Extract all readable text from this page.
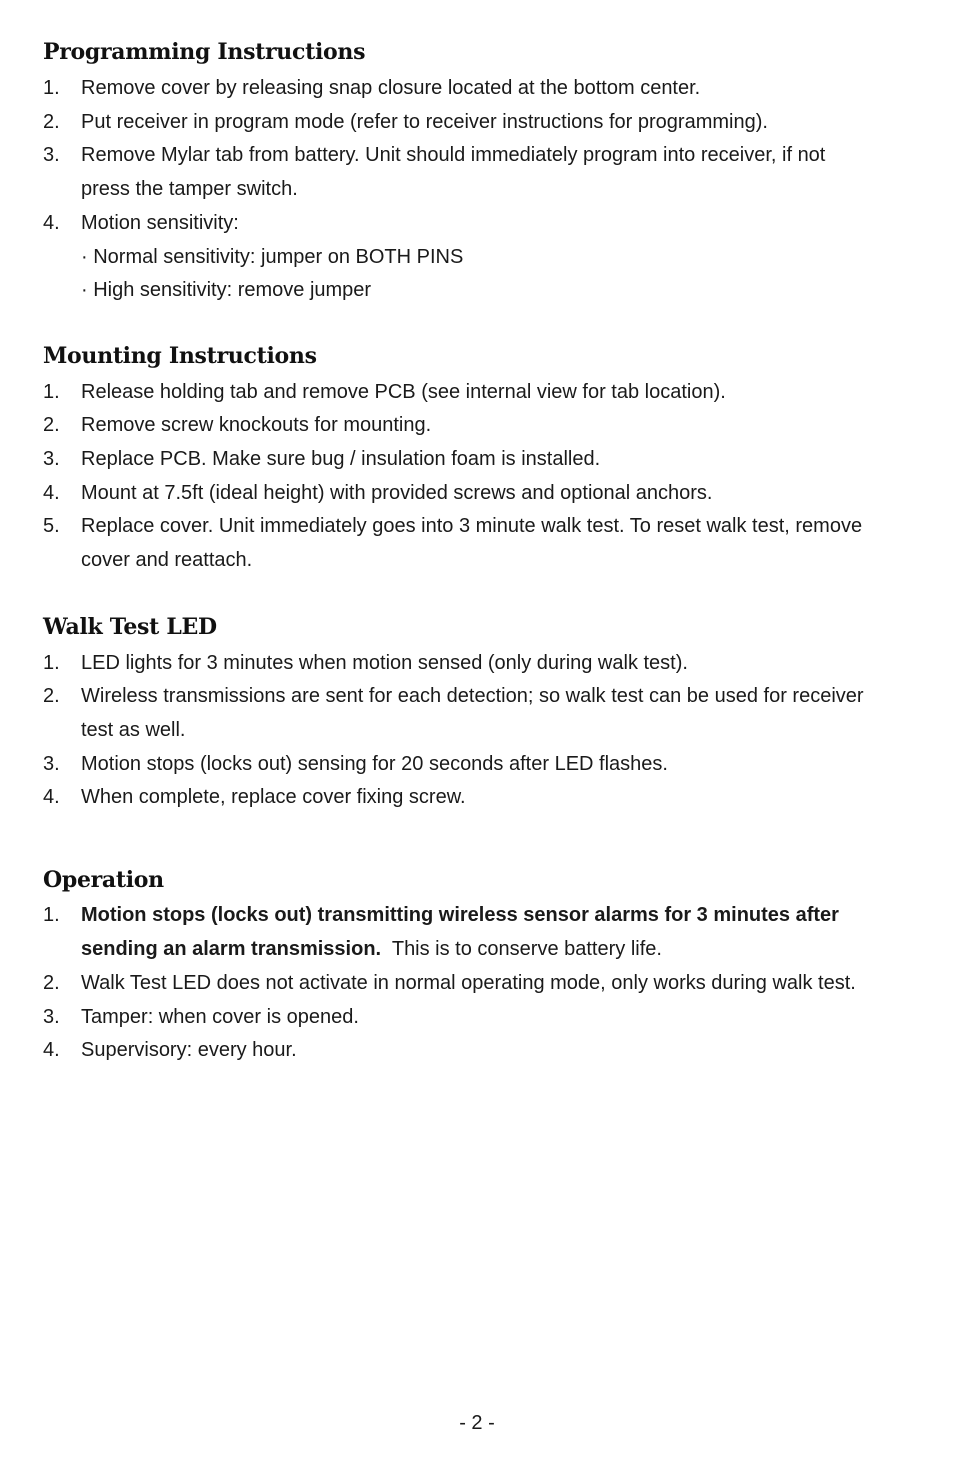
Programming Instructions
1. Remove cover by releasing snap closure located at the bottom center.
2. Put receiver in program mode (refer to receiver instructions for programming).
3. Remove Mylar tab from battery. Unit should immediately program into receiver, if not
press the tamper switch.
4. Motion sensitivity:
· Normal sensitivity: jumper on BOTH PINS
· High sensitivity: remove jumper
Mounting Instructions
1. Release holding tab and remove PCB (see internal view for tab location).
2. Remove screw knockouts for mounting.
3. Replace PCB. Make sure bug / insulation foam is installed.
4. Mount at 7.5ft (ideal height) with provided screws and optional anchors.
5. Replace cover. Unit immediately goes into 3 minute walk test. To reset walk test, remove
cover and reattach.
Walk Test LED
1. LED lights for 3 minutes when motion sensed (only during walk test).
2. Wireless transmissions are sent for each detection; so walk test can be used for receiver
test as well.
3. Motion stops (locks out) sensing for 20 seconds after LED flashes.
4. When complete, replace cover fixing screw.
Operation
1. Motion stops (locks out) transmitting wireless sensor alarms for 3 minutes after
sending an alarm transmission.  This is to conserve battery life.
2. Walk Test LED does not activate in normal operating mode, only works during walk test.
3. Tamper: when cover is opened.
4. Supervisory: every hour.
- 2 -
